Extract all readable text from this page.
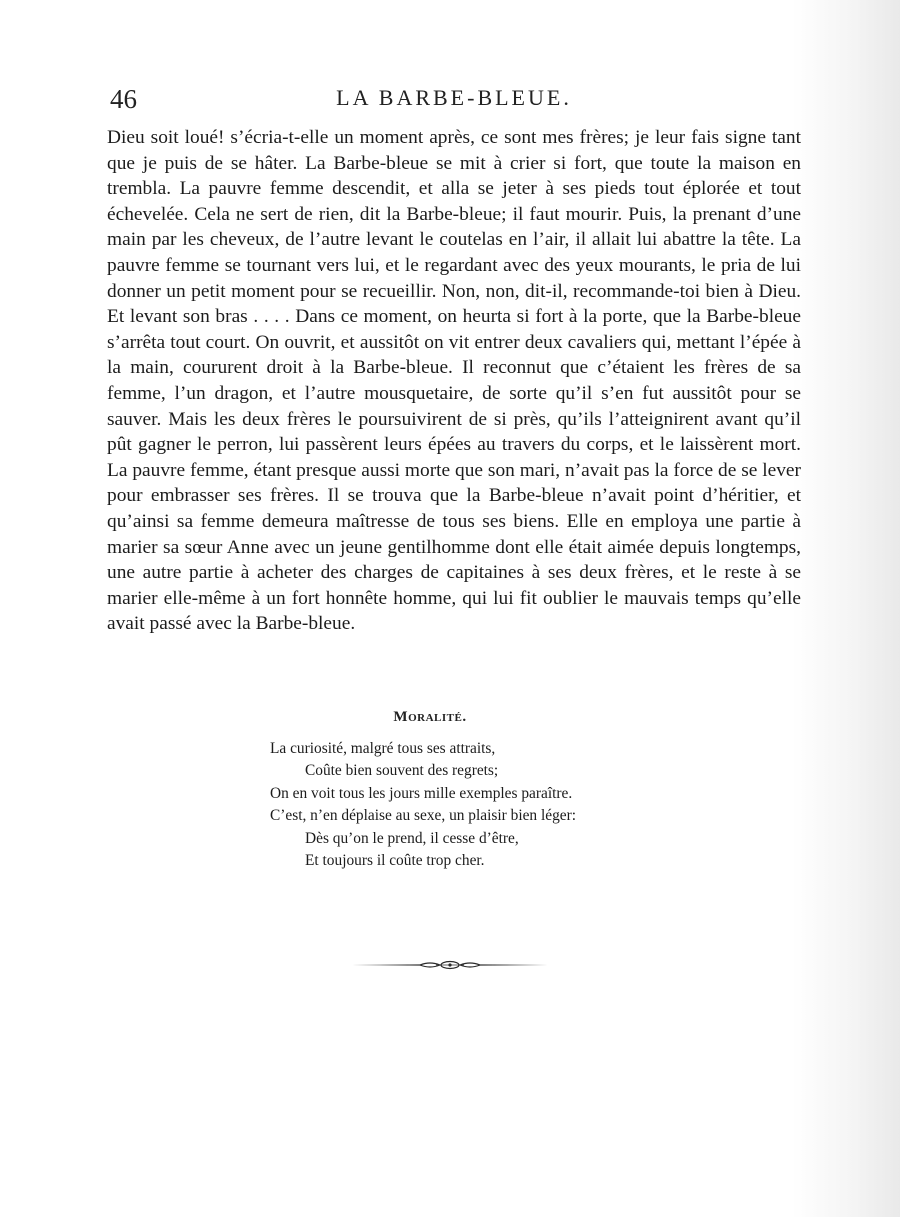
46	LA BARBE-BLEUE.

Dieu soit loué! s’écria-t-elle un moment après, ce sont mes frères; je leur fais signe tant que je puis de se hâter. La Barbe-bleue se mit à crier si fort, que toute la maison en trembla. La pauvre femme descendit, et alla se jeter à ses pieds tout éplorée et tout échevelée. Cela ne sert de rien, dit la Barbe-bleue; il faut mourir. Puis, la prenant d’une main par les cheveux, de l’autre levant le coutelas en l’air, il allait lui abattre la tête. La pauvre femme se tournant vers lui, et le regardant avec des yeux mourants, le pria de lui donner un petit moment pour se recueillir. Non, non, dit-il, recommande-toi bien à Dieu. Et levant son bras . . . . Dans ce moment, on heurta si fort à la porte, que la Barbe-bleue s’arrêta tout court. On ouvrit, et aussitôt on vit entrer deux cavaliers qui, mettant l’épée à la main, coururent droit à la Barbe-bleue. Il reconnut que c’étaient les frères de sa femme, l’un dragon, et l’autre mousquetaire, de sorte qu’il s’en fut aussitôt pour se sauver. Mais les deux frères le poursuivirent de si près, qu’ils l’atteignirent avant qu’il pût gagner le perron, lui passèrent leurs épées au travers du corps, et le laissèrent mort. La pauvre femme, étant presque aussi morte que son mari, n’avait pas la force de se lever pour embrasser ses frères. Il se trouva que la Barbe-bleue n’avait point d’héritier, et qu’ainsi sa femme demeura maîtresse de tous ses biens. Elle en employa une partie à marier sa sœur Anne avec un jeune gentilhomme dont elle était aimée depuis longtemps, une autre partie à acheter des charges de capitaines à ses deux frères, et le reste à se marier elle-même à un fort honnête homme, qui lui fit oublier le mauvais temps qu’elle avait passé avec la Barbe-bleue.

Moralité.
La curiosité, malgré tous ses attraits,
Coûte bien souvent des regrets;
On en voit tous les jours mille exemples paraître.
C’est, n’en déplaise au sexe, un plaisir bien léger:
Dès qu’on le prend, il cesse d’être,
Et toujours il coûte trop cher.
